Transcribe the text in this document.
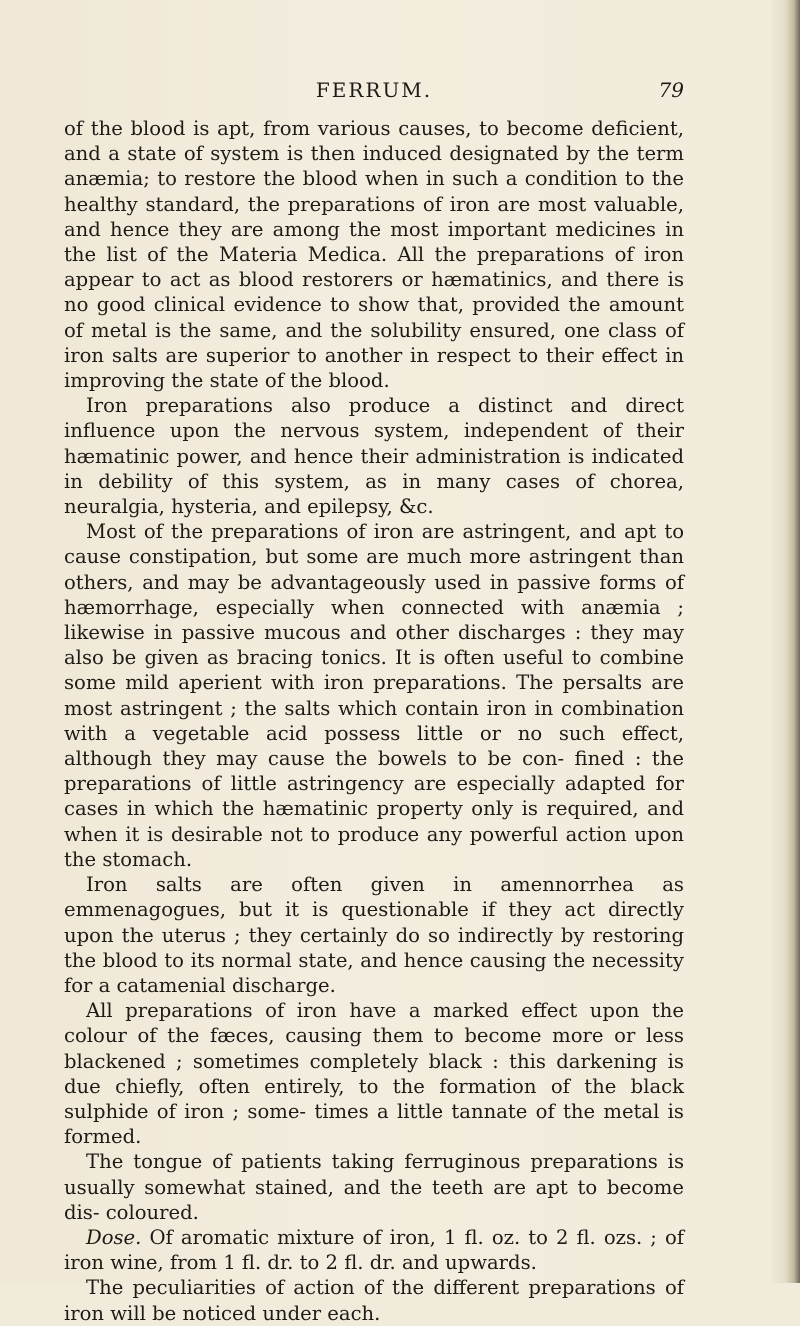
FERRUM.	79

of the blood is apt, from various causes, to become deficient, and a state of system is then induced designated by the term anæmia; to restore the blood when in such a condition to the healthy standard, the preparations of iron are most valuable, and hence they are among the most important medicines in the list of the Materia Medica. All the preparations of iron appear to act as blood restorers or hæmatinics, and there is no good clinical evidence to show that, provided the amount of metal is the same, and the solubility ensured, one class of iron salts are superior to another in respect to their effect in improving the state of the blood.

Iron preparations also produce a distinct and direct influence upon the nervous system, independent of their hæmatinic power, and hence their administration is indicated in debility of this system, as in many cases of chorea, neuralgia, hysteria, and epilepsy, &c.

Most of the preparations of iron are astringent, and apt to cause constipation, but some are much more astringent than others, and may be advantageously used in passive forms of hæmorrhage, especially when connected with anæmia ; likewise in passive mucous and other discharges : they may also be given as bracing tonics. It is often useful to combine some mild aperient with iron preparations. The persalts are most astringent ; the salts which contain iron in combination with a vegetable acid possess little or no such effect, although they may cause the bowels to be con- fined : the preparations of little astringency are especially adapted for cases in which the hæmatinic property only is required, and when it is desirable not to produce any powerful action upon the stomach.

Iron salts are often given in amennorrhea as emmenagogues, but it is questionable if they act directly upon the uterus ; they certainly do so indirectly by restoring the blood to its normal state, and hence causing the necessity for a catamenial discharge.

All preparations of iron have a marked effect upon the colour of the fæces, causing them to become more or less blackened ; sometimes completely black : this darkening is due chiefly, often entirely, to the formation of the black sulphide of iron ; some- times a little tannate of the metal is formed.

The tongue of patients taking ferruginous preparations is usually somewhat stained, and the teeth are apt to become dis- coloured.

Dose. Of aromatic mixture of iron, 1 fl. oz. to 2 fl. ozs. ; of iron wine, from 1 fl. dr. to 2 fl. dr. and upwards.

The peculiarities of action of the different preparations of iron will be noticed under each.
